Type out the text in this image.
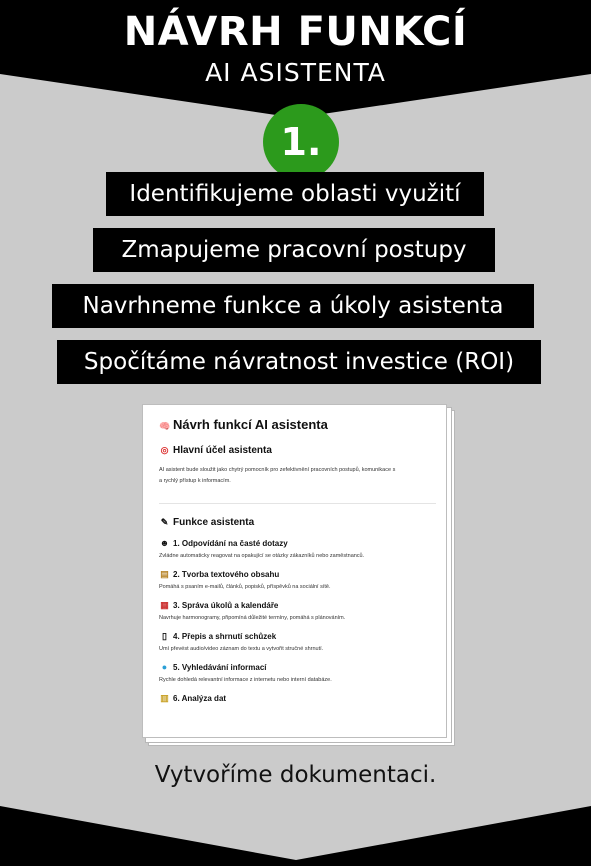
NÁVRH FUNKCÍ
AI ASISTENTA
1.
Identifikujeme oblasti využití
Zmapujeme pracovní postupy
Navrhneme funkce a úkoly asistenta
Spočítáme návratnost investice (ROI)
🧠 Návrh funkcí AI asistenta
◎ Hlavní účel asistenta

AI asistent bude sloužit jako chytrý pomocník pro zefektivnění pracovních postupů, komunikace s

a rychlý přístup k informacím.

✎ Funkce asistenta
☻ 1. Odpovídání na časté dotazy

Zvládne automaticky reagovat na opakující se otázky zákazníků nebo zaměstnanců.

▤ 2. Tvorba textového obsahu

Pomáhá s psaním e-mailů, článků, popisků, příspěvků na sociální sítě.

▦ 3. Správa úkolů a kalendáře

Navrhuje harmonogramy, připomíná důležité termíny, pomáhá s plánováním.

▯ 4. Přepis a shrnutí schůzek

Umí převést audio/video záznam do textu a vytvořit stručné shrnutí.

● 5. Vyhledávání informací

Rychle dohledá relevantní informace z internetu nebo interní databáze.

▥ 6. Analýza dat
Vytvoříme dokumentaci.
